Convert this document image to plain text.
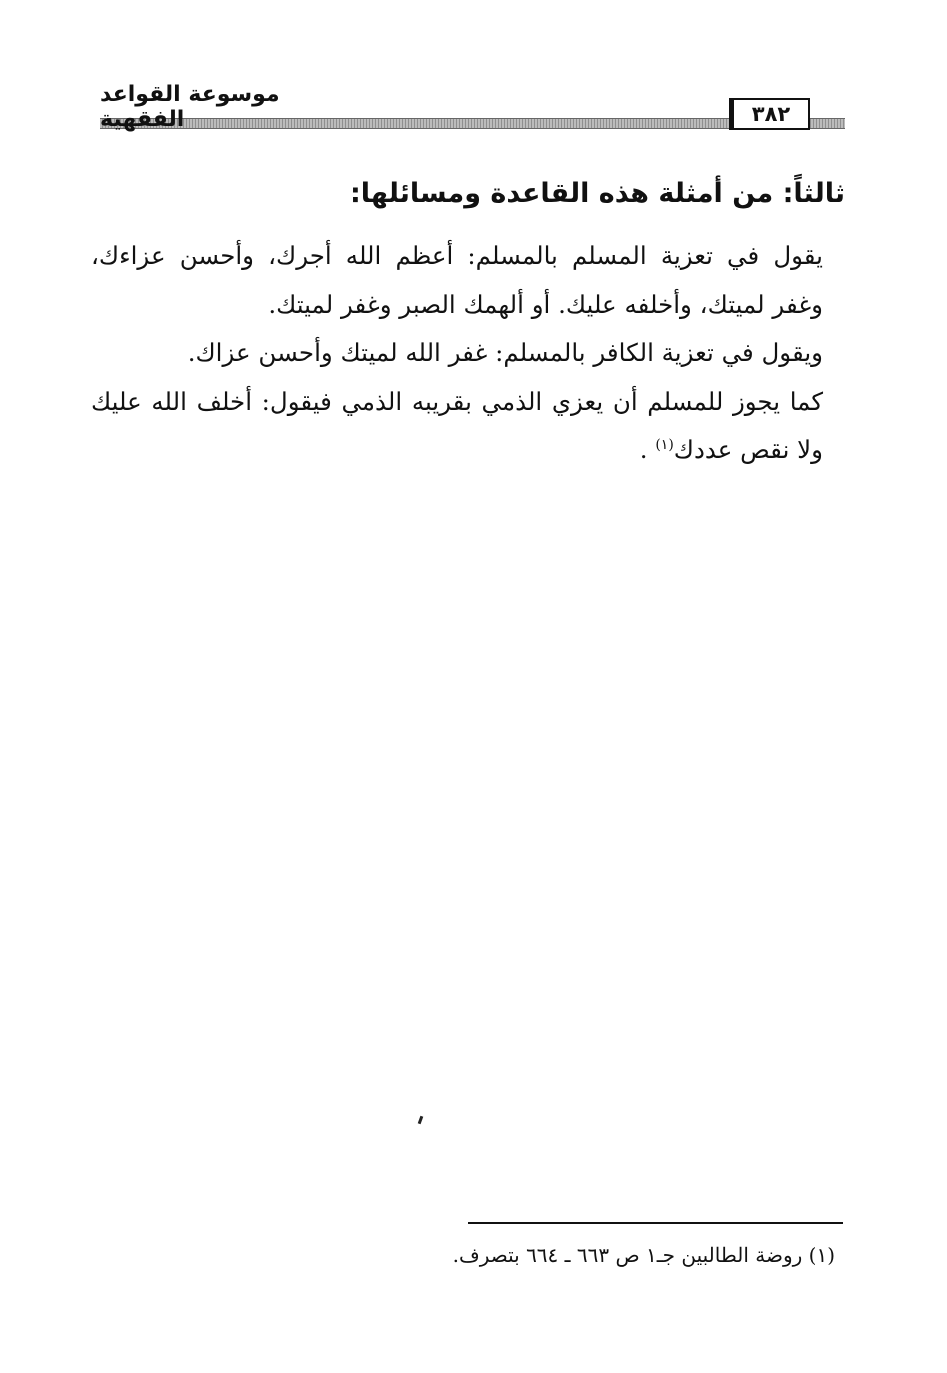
٣٨٢
موسوعة القواعد الفقهية
ثالثاً: من أمثلة هذه القاعدة ومسائلها:

يقول في تعزية المسلم بالمسلم: أعظم الله أجرك، وأحسن عزاءك، وغفر لميتك، وأخلفه عليك. أو ألهمك الصبر وغفر لميتك.

ويقول في تعزية الكافر بالمسلم: غفر الله لميتك وأحسن عزاك.

كما يجوز للمسلم أن يعزي الذمي بقريبه الذمي فيقول: أخلف الله عليك ولا نقص عددك$^{(١)}$ .

(١) روضة الطالبين جـ١ ص ٦٦٣ ـ ٦٦٤ بتصرف.
